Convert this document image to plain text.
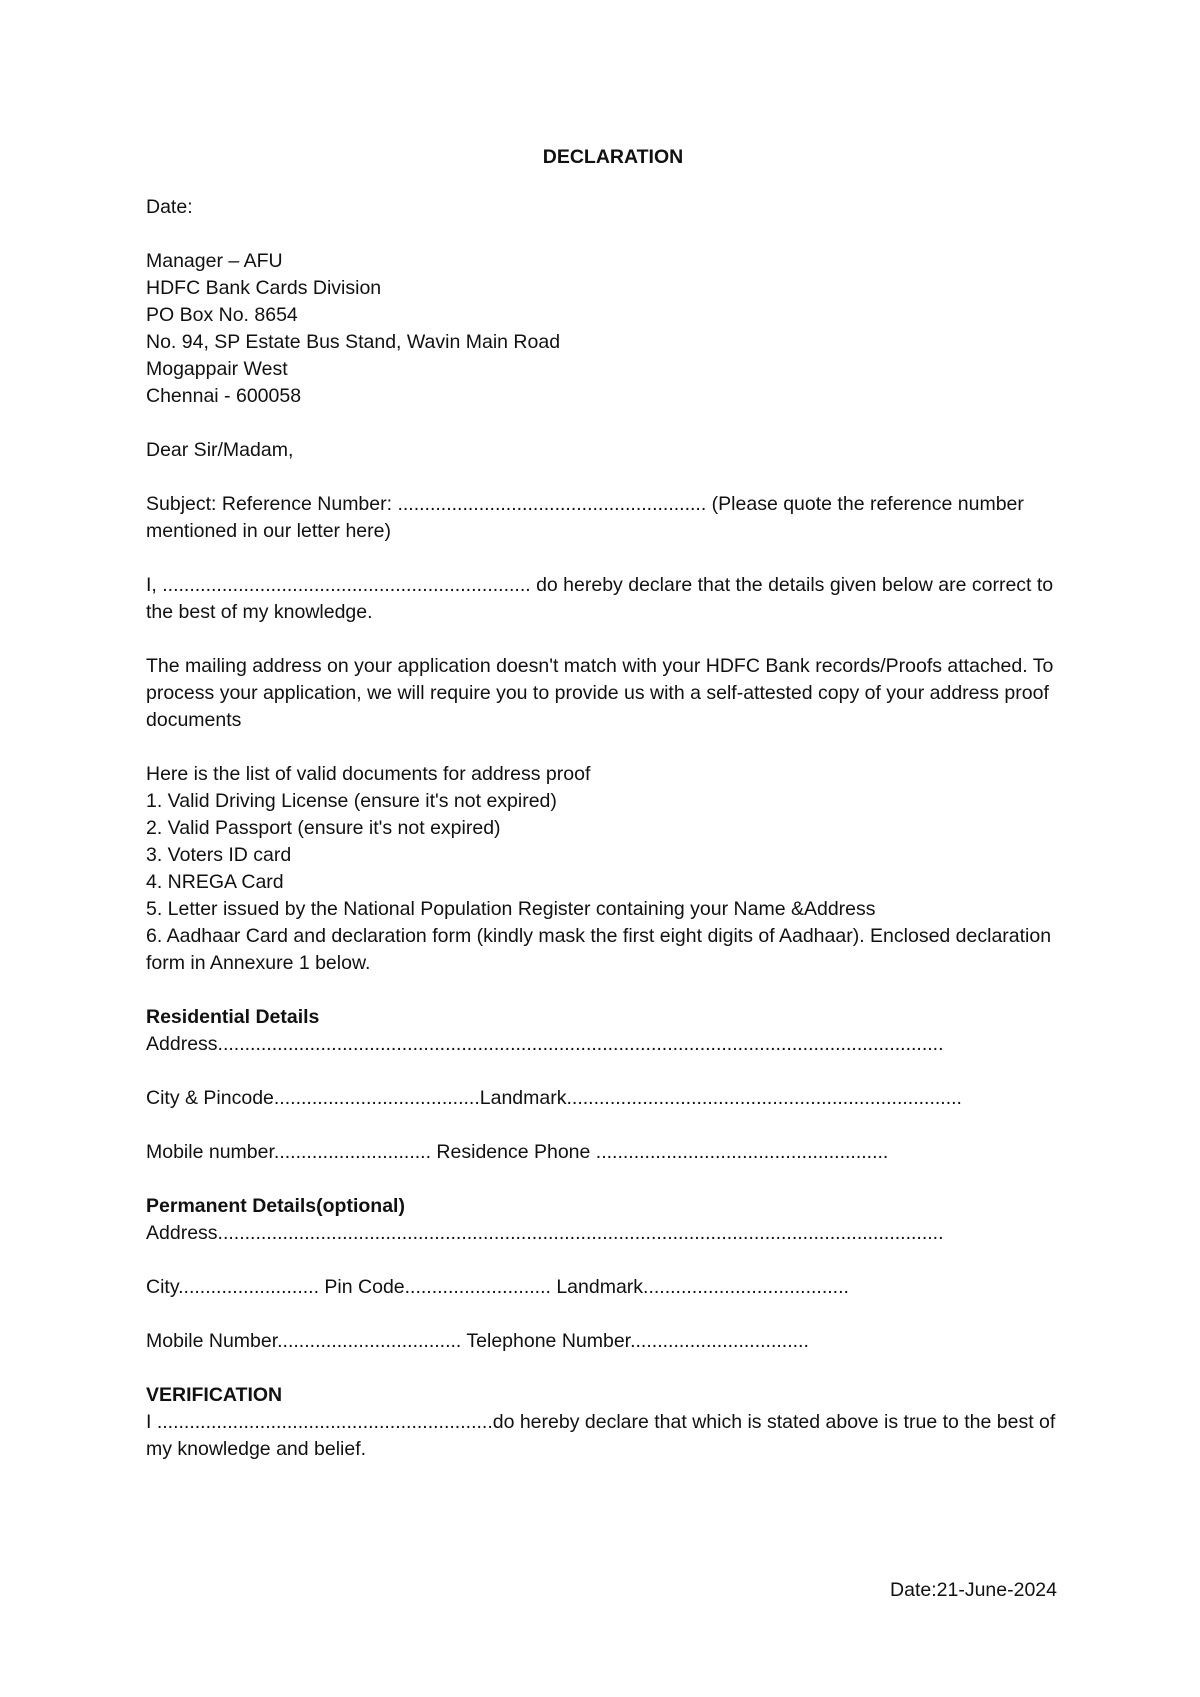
DECLARATION

Date:

Manager – AFU
HDFC Bank Cards Division
PO Box No. 8654
No. 94, SP Estate Bus Stand, Wavin Main Road
Mogappair West
Chennai - 600058

Dear Sir/Madam,

Subject: Reference Number: ......................................................... (Please quote the reference number mentioned in our letter here)

I, .................................................................... do hereby declare that the details given below are correct to the best of my knowledge.

The mailing address on your application doesn't match with your HDFC Bank records/Proofs attached. To process your application, we will require you to provide us with a self-attested copy of your address proof documents

Here is the list of valid documents for address proof
1. Valid Driving License (ensure it's not expired)
2. Valid Passport (ensure it's not expired)
3. Voters ID card
4. NREGA Card
5. Letter issued by the National Population Register containing your Name &Address
6. Aadhaar Card and declaration form (kindly mask the first eight digits of Aadhaar). Enclosed declaration form in Annexure 1 below.

Residential Details
Address......................................................................................................................................

City & Pincode......................................Landmark.........................................................................

Mobile number............................. Residence Phone ......................................................

Permanent Details(optional)
Address......................................................................................................................................

City.......................... Pin Code........................... Landmark......................................

Mobile Number.................................. Telephone Number.................................

VERIFICATION
I ..............................................................do hereby declare that which is stated above is true to the best of my knowledge and belief.

Date:21-June-2024
